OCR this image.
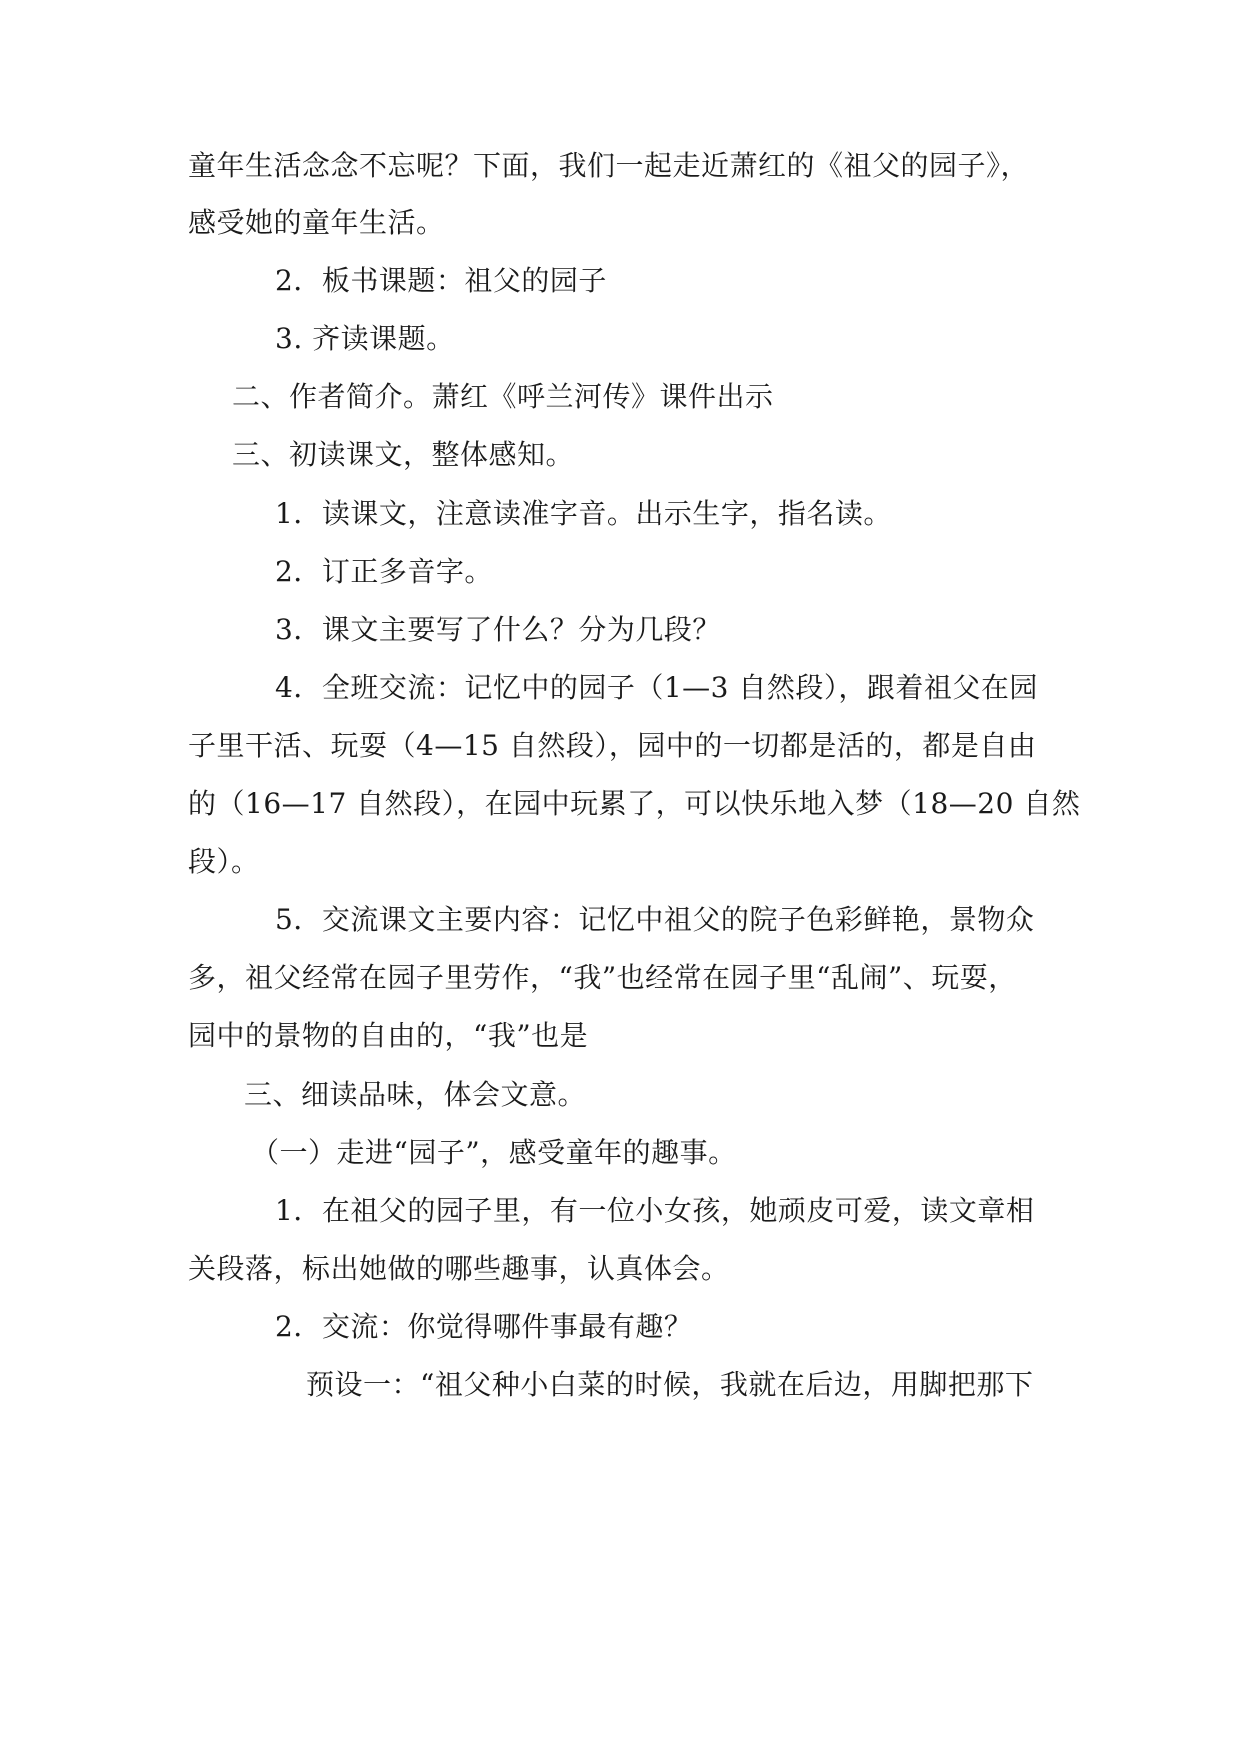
童年生活念念不忘呢？下面，我们一起走近萧红的《祖父的园子》，
感受她的童年生活。
2．板书课题：祖父的园子
3. 齐读课题。
二、作者简介。萧红《呼兰河传》课件出示
三、初读课文，整体感知。
1．读课文，注意读准字音。出示生字，指名读。
2．订正多音字。
3．课文主要写了什么？分为几段？
4．全班交流：记忆中的园子（1—3 自然段），跟着祖父在园
子里干活、玩耍（4—15 自然段），园中的一切都是活的，都是自由
的（16—17 自然段），在园中玩累了，可以快乐地入梦（18—20 自然
段）。
5．交流课文主要内容：记忆中祖父的院子色彩鲜艳，景物众
多，祖父经常在园子里劳作，“我”也经常在园子里“乱闹”、玩耍，
园中的景物的自由的，“我”也是
三、细读品味，体会文意。
（一）走进“园子”，感受童年的趣事。
1．在祖父的园子里，有一位小女孩，她顽皮可爱，读文章相
关段落，标出她做的哪些趣事，认真体会。
2．交流：你觉得哪件事最有趣？
预设一：“祖父种小白菜的时候，我就在后边，用脚把那下
